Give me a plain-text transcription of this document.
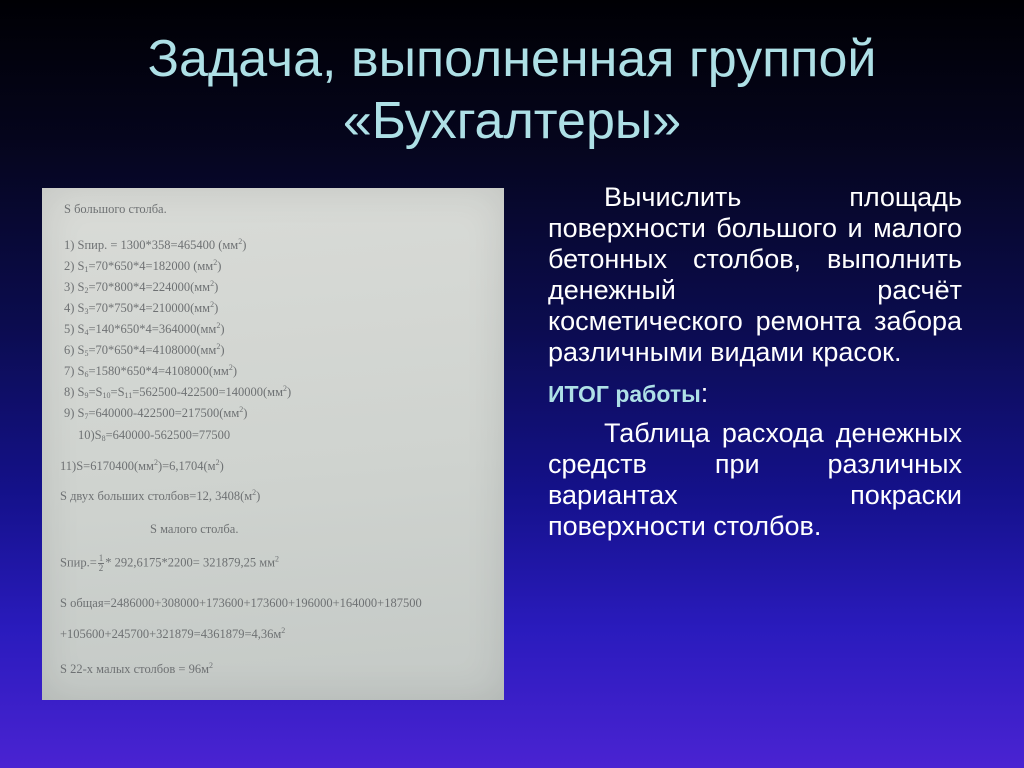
Задача, выполненная группой
«Бухгалтеры»
S большого столба.
1) Sпир. = 1300*358=465400 $(мм^2)$
2) $S_1=70*650*4=182000$ $(мм^2)$
3) $S_2=70*800*4=224000(мм^2)$
4) $S_3=70*750*4=210000(мм^2)$
5) $S_4=140*650*4=364000(мм^2)$
6) $S_5=70*650*4=4108000(мм^2)$
7) $S_6=1580*650*4=4108000(мм^2)$
8) $S_9=S_{10}=S_{11}=562500-422500=140000(мм^2)$
9) $S_7=640000-422500=217500(мм^2)$
$10)S_8=640000-562500=77500$
$11)S=6170400(мм^2)=6,1704(м^2)$
S двух больших столбов=12, $3408(м^2)$
S малого столба.
Sпир.= $\frac{1}{2} * 292,6175*2200= 321879,25$ $мм^2$
S общая=2486000+308000+173600+173600+196000+164000+187500
$+105600+245700+321879=4361879=4,36м^2$
S 22-х малых столбов = $96м^2$

Вычислить площадь поверхности большого и малого бетонных столбов, выполнить денежный расчёт косметического ремонта забора различными видами красок.

ИТОГ работы:

Таблица расхода денежных средств при различных вариантах покраски поверхности столбов.
